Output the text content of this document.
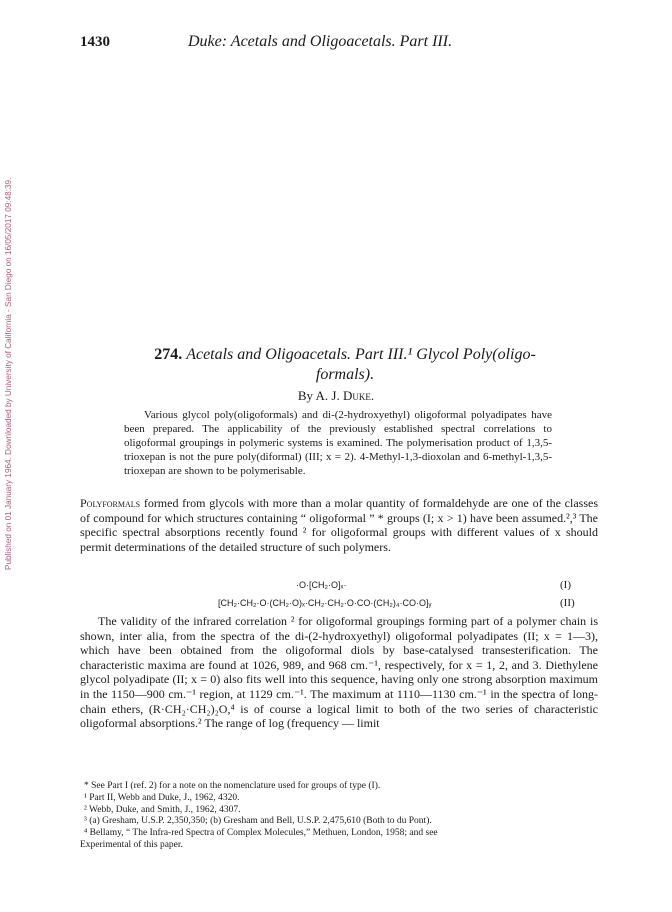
1430	Duke: Acetals and Oligoacetals. Part III.
Published on 01 January 1964. Downloaded by University of California - San Diego on 16/05/2017 09:48:39.	274. Acetals and Oligoacetals. Part III.¹ Glycol Poly(oligo-
formals).
By A. J. Duke.
Various glycol poly(oligoformals) and di-(2-hydroxyethyl) oligoformal polyadipates have been prepared. The applicability of the previously established spectral correlations to oligoformal groupings in polymeric systems is examined. The polymerisation product of 1,3,5-trioxepan is not the pure poly(diformal) (III; x = 2). 4-Methyl-1,3-dioxolan and 6-methyl-1,3,5-trioxepan are shown to be polymerisable.
Polyformals formed from glycols with more than a molar quantity of formaldehyde are one of the classes of compound for which structures containing “ oligoformal ” * groups (I; x > 1) have been assumed.²,³ The specific spectral absorptions recently found ² for oligoformal groups with different values of x should permit determinations of the detailed structure of such polymers.
·O·[CH₂·O]ₓ·	(I)
[CH₂·CH₂·O·(CH₂·O)ₓ·CH₂·CH₂·O·CO·(CH₂)₄·CO·O]ᵧ	(II)
The validity of the infrared correlation ² for oligoformal groupings forming part of a polymer chain is shown, inter alia, from the spectra of the di-(2-hydroxyethyl) oligoformal polyadipates (II; x = 1—3), which have been obtained from the oligoformal diols by base-catalysed transesterification. The characteristic maxima are found at 1026, 989, and 968 cm.⁻¹, respectively, for x = 1, 2, and 3. Diethylene glycol polyadipate (II; x = 0) also fits well into this sequence, having only one strong absorption maximum in the 1150—900 cm.⁻¹ region, at 1129 cm.⁻¹. The maximum at 1110—1130 cm.⁻¹ in the spectra of long-chain ethers, (R·CH₂·CH₂)₂O,⁴ is of course a logical limit to both of the two series of characteristic oligoformal absorptions.² The range of log (frequency — limit
* See Part I (ref. 2) for a note on the nomenclature used for groups of type (I).
¹ Part II, Webb and Duke, J., 1962, 4320.
² Webb, Duke, and Smith, J., 1962, 4307.
³ (a) Gresham, U.S.P. 2,350,350; (b) Gresham and Bell, U.S.P. 2,475,610 (Both to du Pont).
⁴ Bellamy, “ The Infra-red Spectra of Complex Molecules,” Methuen, London, 1958; and see
Experimental of this paper.
